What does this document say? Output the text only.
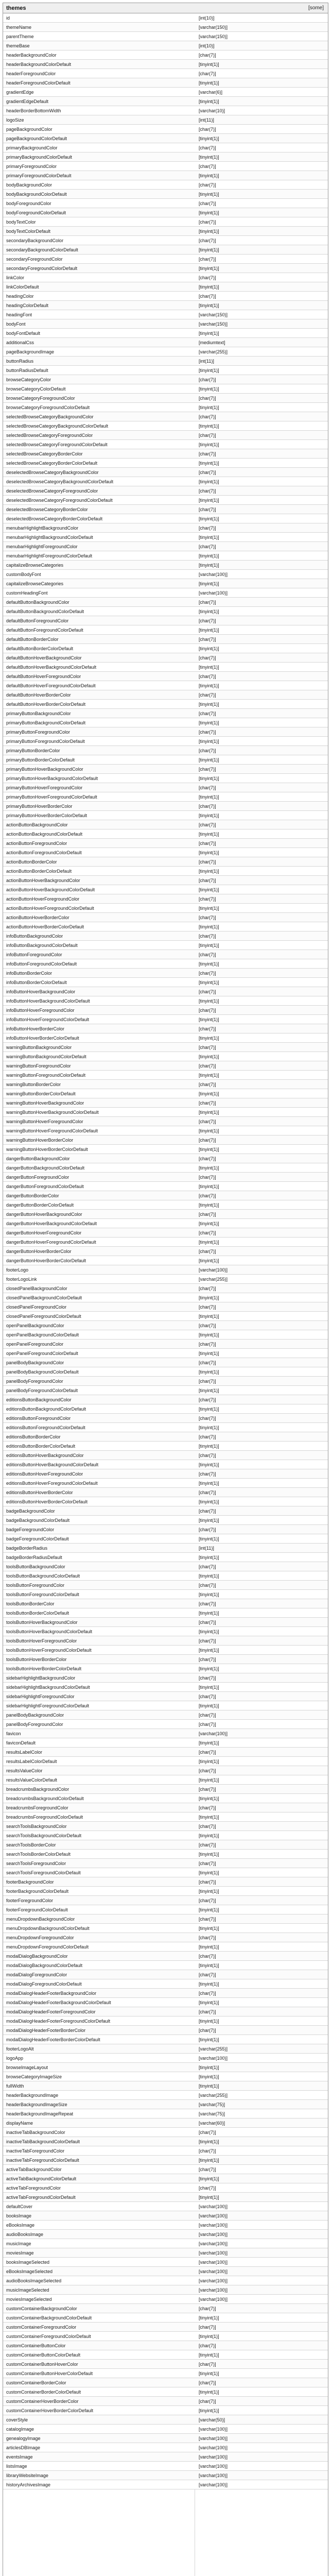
themes	[some]
id	[int(10)]
themeName	[varchar(150)]
parentTheme	[varchar(150)]
themeBase	[int(10)]
headerBackgroundColor	[char(7)]
headerBackgroundColorDefault	[tinyint(1)]
headerForegroundColor	[char(7)]
headerForegroundColorDefault	[tinyint(1)]
gradientEdge	[varchar(6)]
gradientEdgeDefault	[tinyint(1)]
headerBorderBottomWidth	[varchar(10)]
logoSize	[int(11)]
pageBackgroundColor	[char(7)]
pageBackgroundColorDefault	[tinyint(1)]
primaryBackgroundColor	[char(7)]
primaryBackgroundColorDefault	[tinyint(1)]
primaryForegroundColor	[char(7)]
primaryForegroundColorDefault	[tinyint(1)]
bodyBackgroundColor	[char(7)]
bodyBackgroundColorDefault	[tinyint(1)]
bodyForegroundColor	[char(7)]
bodyForegroundColorDefault	[tinyint(1)]
bodyTextColor	[char(7)]
bodyTextColorDefault	[tinyint(1)]
secondaryBackgroundColor	[char(7)]
secondaryBackgroundColorDefault	[tinyint(1)]
secondaryForegroundColor	[char(7)]
secondaryForegroundColorDefault	[tinyint(1)]
linkColor	[char(7)]
linkColorDefault	[tinyint(1)]
headingColor	[char(7)]
headingColorDefault	[tinyint(1)]
headingFont	[varchar(150)]
bodyFont	[varchar(150)]
bodyFontDefault	[tinyint(1)]
additionalCss	[mediumtext]
pageBackgroundImage	[varchar(255)]
buttonRadius	[int(11)]
buttonRadiusDefault	[tinyint(1)]
browseCategoryColor	[char(7)]
browseCategoryColorDefault	[tinyint(1)]
browseCategoryForegroundColor	[char(7)]
browseCategoryForegroundColorDefault	[tinyint(1)]
selectedBrowseCategoryBackgroundColor	[char(7)]
selectedBrowseCategoryBackgroundColorDefault	[tinyint(1)]
selectedBrowseCategoryForegroundColor	[char(7)]
selectedBrowseCategoryForegroundColorDefault	[tinyint(1)]
selectedBrowseCategoryBorderColor	[char(7)]
selectedBrowseCategoryBorderColorDefault	[tinyint(1)]
deselectedBrowseCategoryBackgroundColor	[char(7)]
deselectedBrowseCategoryBackgroundColorDefault	[tinyint(1)]
deselectedBrowseCategoryForegroundColor	[char(7)]
deselectedBrowseCategoryForegroundColorDefault	[tinyint(1)]
deselectedBrowseCategoryBorderColor	[char(7)]
deselectedBrowseCategoryBorderColorDefault	[tinyint(1)]
menubarHighlightBackgroundColor	[char(7)]
menubarHighlightBackgroundColorDefault	[tinyint(1)]
menubarHighlightForegroundColor	[char(7)]
menubarHighlightForegroundColorDefault	[tinyint(1)]
capitalizeBrowseCategories	[tinyint(1)]
customBodyFont	[varchar(100)]
capitalizeBrowseCategories	[tinyint(1)]
customHeadingFont	[varchar(100)]
defaultButtonBackgroundColor	[char(7)]
defaultButtonBackgroundColorDefault	[tinyint(1)]
defaultButtonForegroundColor	[char(7)]
defaultButtonForegroundColorDefault	[tinyint(1)]
defaultButtonBorderColor	[char(7)]
defaultButtonBorderColorDefault	[tinyint(1)]
defaultButtonHoverBackgroundColor	[char(7)]
defaultButtonHoverBackgroundColorDefault	[tinyint(1)]
defaultButtonHoverForegroundColor	[char(7)]
defaultButtonHoverForegroundColorDefault	[tinyint(1)]
defaultButtonHoverBorderColor	[char(7)]
defaultButtonHoverBorderColorDefault	[tinyint(1)]
primaryButtonBackgroundColor	[char(7)]
primaryButtonBackgroundColorDefault	[tinyint(1)]
primaryButtonForegroundColor	[char(7)]
primaryButtonForegroundColorDefault	[tinyint(1)]
primaryButtonBorderColor	[char(7)]
primaryButtonBorderColorDefault	[tinyint(1)]
primaryButtonHoverBackgroundColor	[char(7)]
primaryButtonHoverBackgroundColorDefault	[tinyint(1)]
primaryButtonHoverForegroundColor	[char(7)]
primaryButtonHoverForegroundColorDefault	[tinyint(1)]
primaryButtonHoverBorderColor	[char(7)]
primaryButtonHoverBorderColorDefault	[tinyint(1)]
actionButtonBackgroundColor	[char(7)]
actionButtonBackgroundColorDefault	[tinyint(1)]
actionButtonForegroundColor	[char(7)]
actionButtonForegroundColorDefault	[tinyint(1)]
actionButtonBorderColor	[char(7)]
actionButtonBorderColorDefault	[tinyint(1)]
actionButtonHoverBackgroundColor	[char(7)]
actionButtonHoverBackgroundColorDefault	[tinyint(1)]
actionButtonHoverForegroundColor	[char(7)]
actionButtonHoverForegroundColorDefault	[tinyint(1)]
actionButtonHoverBorderColor	[char(7)]
actionButtonHoverBorderColorDefault	[tinyint(1)]
infoButtonBackgroundColor	[char(7)]
infoButtonBackgroundColorDefault	[tinyint(1)]
infoButtonForegroundColor	[char(7)]
infoButtonForegroundColorDefault	[tinyint(1)]
infoButtonBorderColor	[char(7)]
infoButtonBorderColorDefault	[tinyint(1)]
infoButtonHoverBackgroundColor	[char(7)]
infoButtonHoverBackgroundColorDefault	[tinyint(1)]
infoButtonHoverForegroundColor	[char(7)]
infoButtonHoverForegroundColorDefault	[tinyint(1)]
infoButtonHoverBorderColor	[char(7)]
infoButtonHoverBorderColorDefault	[tinyint(1)]
warningButtonBackgroundColor	[char(7)]
warningButtonBackgroundColorDefault	[tinyint(1)]
warningButtonForegroundColor	[char(7)]
warningButtonForegroundColorDefault	[tinyint(1)]
warningButtonBorderColor	[char(7)]
warningButtonBorderColorDefault	[tinyint(1)]
warningButtonHoverBackgroundColor	[char(7)]
warningButtonHoverBackgroundColorDefault	[tinyint(1)]
warningButtonHoverForegroundColor	[char(7)]
warningButtonHoverForegroundColorDefault	[tinyint(1)]
warningButtonHoverBorderColor	[char(7)]
warningButtonHoverBorderColorDefault	[tinyint(1)]
dangerButtonBackgroundColor	[char(7)]
dangerButtonBackgroundColorDefault	[tinyint(1)]
dangerButtonForegroundColor	[char(7)]
dangerButtonForegroundColorDefault	[tinyint(1)]
dangerButtonBorderColor	[char(7)]
dangerButtonBorderColorDefault	[tinyint(1)]
dangerButtonHoverBackgroundColor	[char(7)]
dangerButtonHoverBackgroundColorDefault	[tinyint(1)]
dangerButtonHoverForegroundColor	[char(7)]
dangerButtonHoverForegroundColorDefault	[tinyint(1)]
dangerButtonHoverBorderColor	[char(7)]
dangerButtonHoverBorderColorDefault	[tinyint(1)]
footerLogo	[varchar(100)]
footerLogoLink	[varchar(255)]
closedPanelBackgroundColor	[char(7)]
closedPanelBackgroundColorDefault	[tinyint(1)]
closedPanelForegroundColor	[char(7)]
closedPanelForegroundColorDefault	[tinyint(1)]
openPanelBackgroundColor	[char(7)]
openPanelBackgroundColorDefault	[tinyint(1)]
openPanelForegroundColor	[char(7)]
openPanelForegroundColorDefault	[tinyint(1)]
panelBodyBackgroundColor	[char(7)]
panelBodyBackgroundColorDefault	[tinyint(1)]
panelBodyForegroundColor	[char(7)]
panelBodyForegroundColorDefault	[tinyint(1)]
editionsButtonBackgroundColor	[char(7)]
editionsButtonBackgroundColorDefault	[tinyint(1)]
editionsButtonForegroundColor	[char(7)]
editionsButtonForegroundColorDefault	[tinyint(1)]
editionsButtonBorderColor	[char(7)]
editionsButtonBorderColorDefault	[tinyint(1)]
editionsButtonHoverBackgroundColor	[char(7)]
editionsButtonHoverBackgroundColorDefault	[tinyint(1)]
editionsButtonHoverForegroundColor	[char(7)]
editionsButtonHoverForegroundColorDefault	[tinyint(1)]
editionsButtonHoverBorderColor	[char(7)]
editionsButtonHoverBorderColorDefault	[tinyint(1)]
badgeBackgroundColor	[char(7)]
badgeBackgroundColorDefault	[tinyint(1)]
badgeForegroundColor	[char(7)]
badgeForegroundColorDefault	[tinyint(1)]
badgeBorderRadius	[int(11)]
badgeBorderRadiusDefault	[tinyint(1)]
toolsButtonBackgroundColor	[char(7)]
toolsButtonBackgroundColorDefault	[tinyint(1)]
toolsButtonForegroundColor	[char(7)]
toolsButtonForegroundColorDefault	[tinyint(1)]
toolsButtonBorderColor	[char(7)]
toolsButtonBorderColorDefault	[tinyint(1)]
toolsButtonHoverBackgroundColor	[char(7)]
toolsButtonHoverBackgroundColorDefault	[tinyint(1)]
toolsButtonHoverForegroundColor	[char(7)]
toolsButtonHoverForegroundColorDefault	[tinyint(1)]
toolsButtonHoverBorderColor	[char(7)]
toolsButtonHoverBorderColorDefault	[tinyint(1)]
sidebarHighlightBackgroundColor	[char(7)]
sidebarHighlightBackgroundColorDefault	[tinyint(1)]
sidebarHighlightForegroundColor	[char(7)]
sidebarHighlightForegroundColorDefault	[tinyint(1)]
panelBodyBackgroundColor	[char(7)]
panelBodyForegroundColor	[char(7)]
favicon	[varchar(100)]
faviconDefault	[tinyint(1)]
resultsLabelColor	[char(7)]
resultsLabelColorDefault	[tinyint(1)]
resultsValueColor	[char(7)]
resultsValueColorDefault	[tinyint(1)]
breadcrumbsBackgroundColor	[char(7)]
breadcrumbsBackgroundColorDefault	[tinyint(1)]
breadcrumbsForegroundColor	[char(7)]
breadcrumbsForegroundColorDefault	[tinyint(1)]
searchToolsBackgroundColor	[char(7)]
searchToolsBackgroundColorDefault	[tinyint(1)]
searchToolsBorderColor	[char(7)]
searchToolsBorderColorDefault	[tinyint(1)]
searchToolsForegroundColor	[char(7)]
searchToolsForegroundColorDefault	[tinyint(1)]
footerBackgroundColor	[char(7)]
footerBackgroundColorDefault	[tinyint(1)]
footerForegroundColor	[char(7)]
footerForegroundColorDefault	[tinyint(1)]
menuDropdownBackgroundColor	[char(7)]
menuDropdownBackgroundColorDefault	[tinyint(1)]
menuDropdownForegroundColor	[char(7)]
menuDropdownForegroundColorDefault	[tinyint(1)]
modalDialogBackgroundColor	[char(7)]
modalDialogBackgroundColorDefault	[tinyint(1)]
modalDialogForegroundColor	[char(7)]
modalDialogForegroundColorDefault	[tinyint(1)]
modalDialogHeaderFooterBackgroundColor	[char(7)]
modalDialogHeaderFooterBackgroundColorDefault	[tinyint(1)]
modalDialogHeaderFooterForegroundColor	[char(7)]
modalDialogHeaderFooterForegroundColorDefault	[tinyint(1)]
modalDialogHeaderFooterBorderColor	[char(7)]
modalDialogHeaderFooterBorderColorDefault	[tinyint(1)]
footerLogoAlt	[varchar(255)]
logoApp	[varchar(100)]
browseImageLayout	[tinyint(1)]
browseCategoryImageSize	[tinyint(1)]
fullWidth	[tinyint(1)]
headerBackgroundImage	[varchar(255)]
headerBackgroundImageSize	[varchar(75)]
headerBackgroundImageRepeat	[varchar(75)]
displayName	[varchar(60)]
inactiveTabBackgroundColor	[char(7)]
inactiveTabBackgroundColorDefault	[tinyint(1)]
inactiveTabForegroundColor	[char(7)]
inactiveTabForegroundColorDefault	[tinyint(1)]
activeTabBackgroundColor	[char(7)]
activeTabBackgroundColorDefault	[tinyint(1)]
activeTabForegroundColor	[char(7)]
activeTabForegroundColorDefault	[tinyint(1)]
defaultCover	[varchar(100)]
booksImage	[varchar(100)]
eBooksImage	[varchar(100)]
audioBooksImage	[varchar(100)]
musicImage	[varchar(100)]
moviesImage	[varchar(100)]
booksImageSelected	[varchar(100)]
eBooksImageSelected	[varchar(100)]
audioBooksImageSelected	[varchar(100)]
musicImageSelected	[varchar(100)]
moviesImageSelected	[varchar(100)]
customContainerBackgroundColor	[char(7)]
customContainerBackgroundColorDefault	[tinyint(1)]
customContainerForegroundColor	[char(7)]
customContainerForegroundColorDefault	[tinyint(1)]
customContainerButtonColor	[char(7)]
customContainerButtonColorDefault	[tinyint(1)]
customContainerButtonHoverColor	[char(7)]
customContainerButtonHoverColorDefault	[tinyint(1)]
customContainerBorderColor	[char(7)]
customContainerBorderColorDefault	[tinyint(1)]
customContainerHoverBorderColor	[char(7)]
customContainerHoverBorderColorDefault	[tinyint(1)]
coverStyle	[varchar(50)]
catalogImage	[varchar(100)]
genealogyImage	[varchar(100)]
articlesDBImage	[varchar(100)]
eventsImage	[varchar(100)]
listsImage	[varchar(100)]
libraryWebsiteImage	[varchar(100)]
historyArchivesImage	[varchar(100)]
